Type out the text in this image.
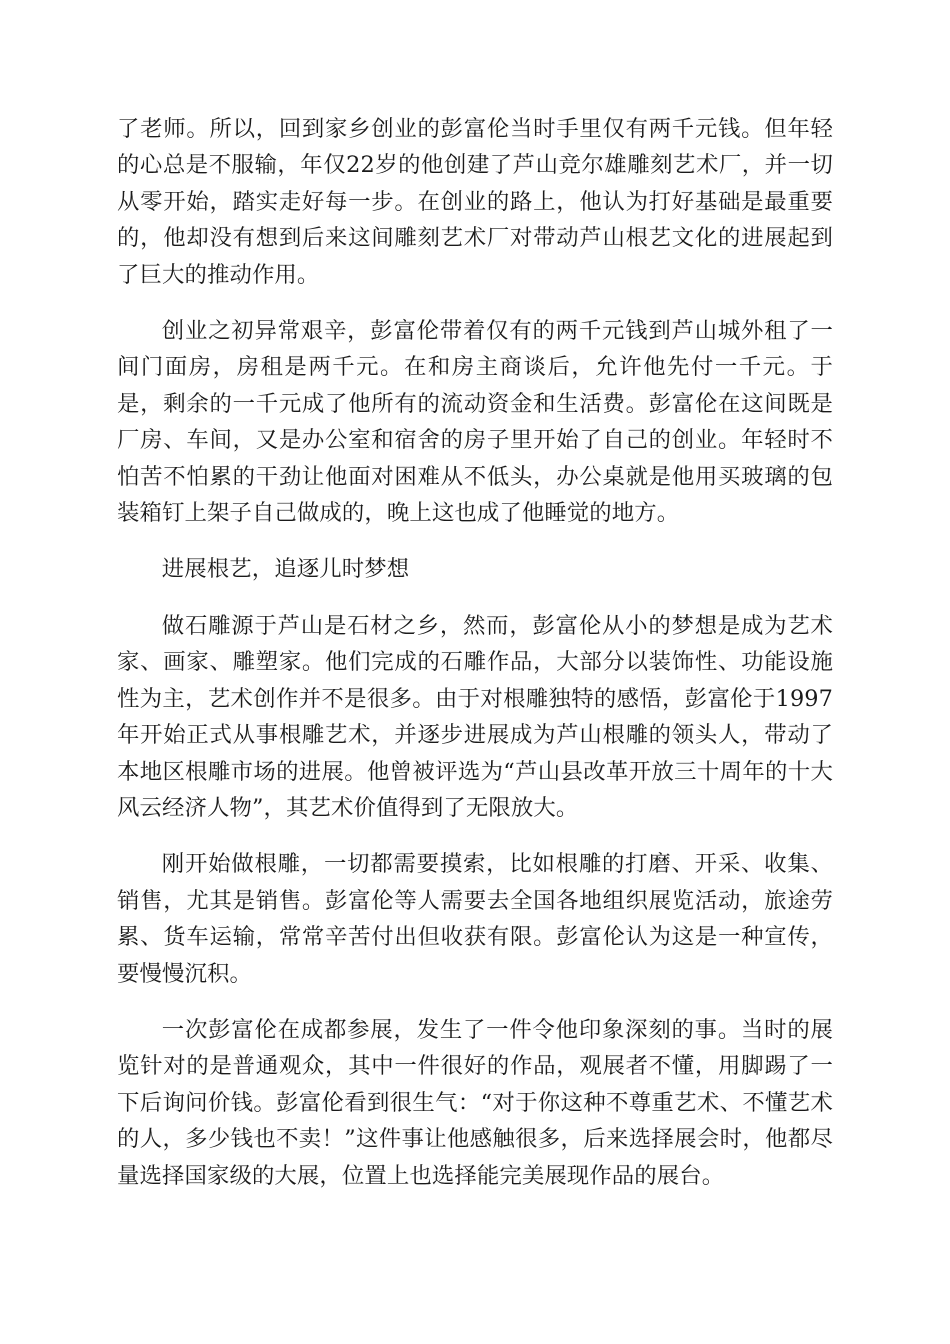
了老师。所以，回到家乡创业的彭富伦当时手里仅有两千元钱。但年轻的心总是不服输，年仅22岁的他创建了芦山竞尔雄雕刻艺术厂，并一切从零开始，踏实走好每一步。在创业的路上，他认为打好基础是最重要的，他却没有想到后来这间雕刻艺术厂对带动芦山根艺文化的进展起到了巨大的推动作用。

创业之初异常艰辛，彭富伦带着仅有的两千元钱到芦山城外租了一间门面房，房租是两千元。在和房主商谈后，允许他先付一千元。于是，剩余的一千元成了他所有的流动资金和生活费。彭富伦在这间既是厂房、车间，又是办公室和宿舍的房子里开始了自己的创业。年轻时不怕苦不怕累的干劲让他面对困难从不低头，办公桌就是他用买玻璃的包装箱钉上架子自己做成的，晚上这也成了他睡觉的地方。

进展根艺，追逐儿时梦想

做石雕源于芦山是石材之乡，然而，彭富伦从小的梦想是成为艺术家、画家、雕塑家。他们完成的石雕作品，大部分以装饰性、功能设施性为主，艺术创作并不是很多。由于对根雕独特的感悟，彭富伦于1997年开始正式从事根雕艺术，并逐步进展成为芦山根雕的领头人，带动了本地区根雕市场的进展。他曾被评选为“芦山县改革开放三十周年的十大风云经济人物”，其艺术价值得到了无限放大。

刚开始做根雕，一切都需要摸索，比如根雕的打磨、开采、收集、销售，尤其是销售。彭富伦等人需要去全国各地组织展览活动，旅途劳累、货车运输，常常辛苦付出但收获有限。彭富伦认为这是一种宣传，要慢慢沉积。

一次彭富伦在成都参展，发生了一件令他印象深刻的事。当时的展览针对的是普通观众，其中一件很好的作品，观展者不懂，用脚踢了一下后询问价钱。彭富伦看到很生气：“对于你这种不尊重艺术、不懂艺术的人，多少钱也不卖！”这件事让他感触很多，后来选择展会时，他都尽量选择国家级的大展，位置上也选择能完美展现作品的展台。
